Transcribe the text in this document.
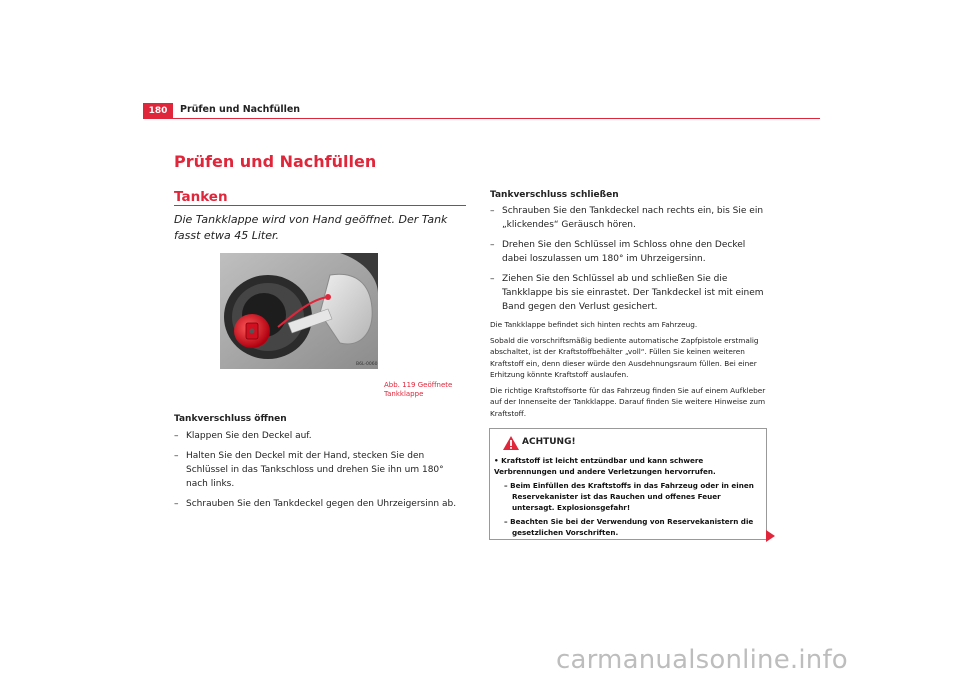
180	Prüfen und Nachfüllen
Prüfen und Nachfüllen
Tanken
Die Tankklappe wird von Hand geöffnet. Der Tank fasst etwa 45 Liter.
B6L-0060
Abb. 119 Geöffnete
Tankklappe
Tankverschluss öffnen
– Klappen Sie den Deckel auf.
– Halten Sie den Deckel mit der Hand, stecken Sie den Schlüssel in das Tankschloss und drehen Sie ihn um 180° nach links.
– Schrauben Sie den Tankdeckel gegen den Uhrzeigersinn ab.
Tankverschluss schließen
– Schrauben Sie den Tankdeckel nach rechts ein, bis Sie ein „klickendes“ Geräusch hören.
– Drehen Sie den Schlüssel im Schloss ohne den Deckel dabei loszulassen um 180° im Uhrzeigersinn.
– Ziehen Sie den Schlüssel ab und schließen Sie die Tankklappe bis sie einrastet. Der Tankdeckel ist mit einem Band gegen den Verlust gesichert.

Die Tankklappe befindet sich hinten rechts am Fahrzeug.

Sobald die vorschriftsmäßig bediente automatische Zapfpistole erstmalig abschaltet, ist der Kraftstoffbehälter „voll“. Füllen Sie keinen weiteren Kraftstoff ein, denn dieser würde den Ausdehnungsraum füllen. Bei einer Erhitzung könnte Kraftstoff auslaufen.

Die richtige Kraftstoffsorte für das Fahrzeug finden Sie auf einem Aufkleber auf der Innenseite der Tankklappe. Darauf finden Sie weitere Hinweise zum Kraftstoff.

ACHTUNG!
• Kraftstoff ist leicht entzündbar und kann schwere Verbrennungen und andere Verletzungen hervorrufen.
– Beim Einfüllen des Kraftstoffs in das Fahrzeug oder in einen Reservekanister ist das Rauchen und offenes Feuer untersagt. Explosionsgefahr!
– Beachten Sie bei der Verwendung von Reservekanistern die gesetzlichen Vorschriften.
carmanualsonline.info
